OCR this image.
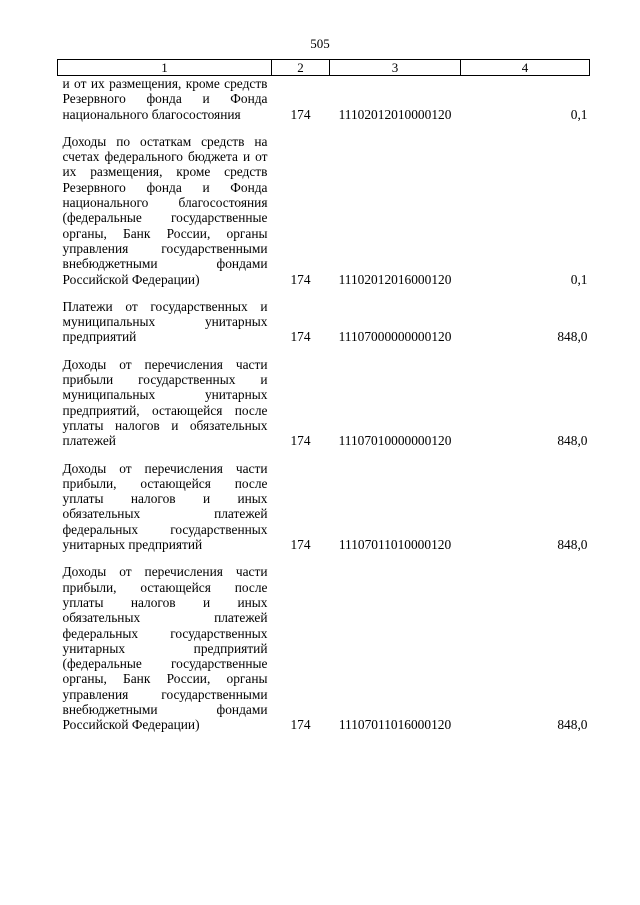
505
1	2	3	4
и от их размещения, кроме средств Резервного фонда и Фонда национального благосостояния	174	11102012010000120	0,1

Доходы по остаткам средств на счетах федерального бюджета и от их размещения, кроме средств Резервного фонда и Фонда национального благосостояния (федеральные государственные органы, Банк России, органы управления государственными внебюджетными фондами Российской Федерации)	174	11102012016000120	0,1

Платежи от государственных и муниципальных унитарных предприятий	174	11107000000000120	848,0

Доходы от перечисления части прибыли государственных и муниципальных унитарных предприятий, остающейся после уплаты налогов и обязательных платежей	174	11107010000000120	848,0

Доходы от перечисления части прибыли, остающейся после уплаты налогов и иных обязательных платежей федеральных государственных унитарных предприятий	174	11107011010000120	848,0

Доходы от перечисления части прибыли, остающейся после уплаты налогов и иных обязательных платежей федеральных государственных унитарных предприятий (федеральные государственные органы, Банк России, органы управления государственными внебюджетными фондами Российской Федерации)	174	11107011016000120	848,0
